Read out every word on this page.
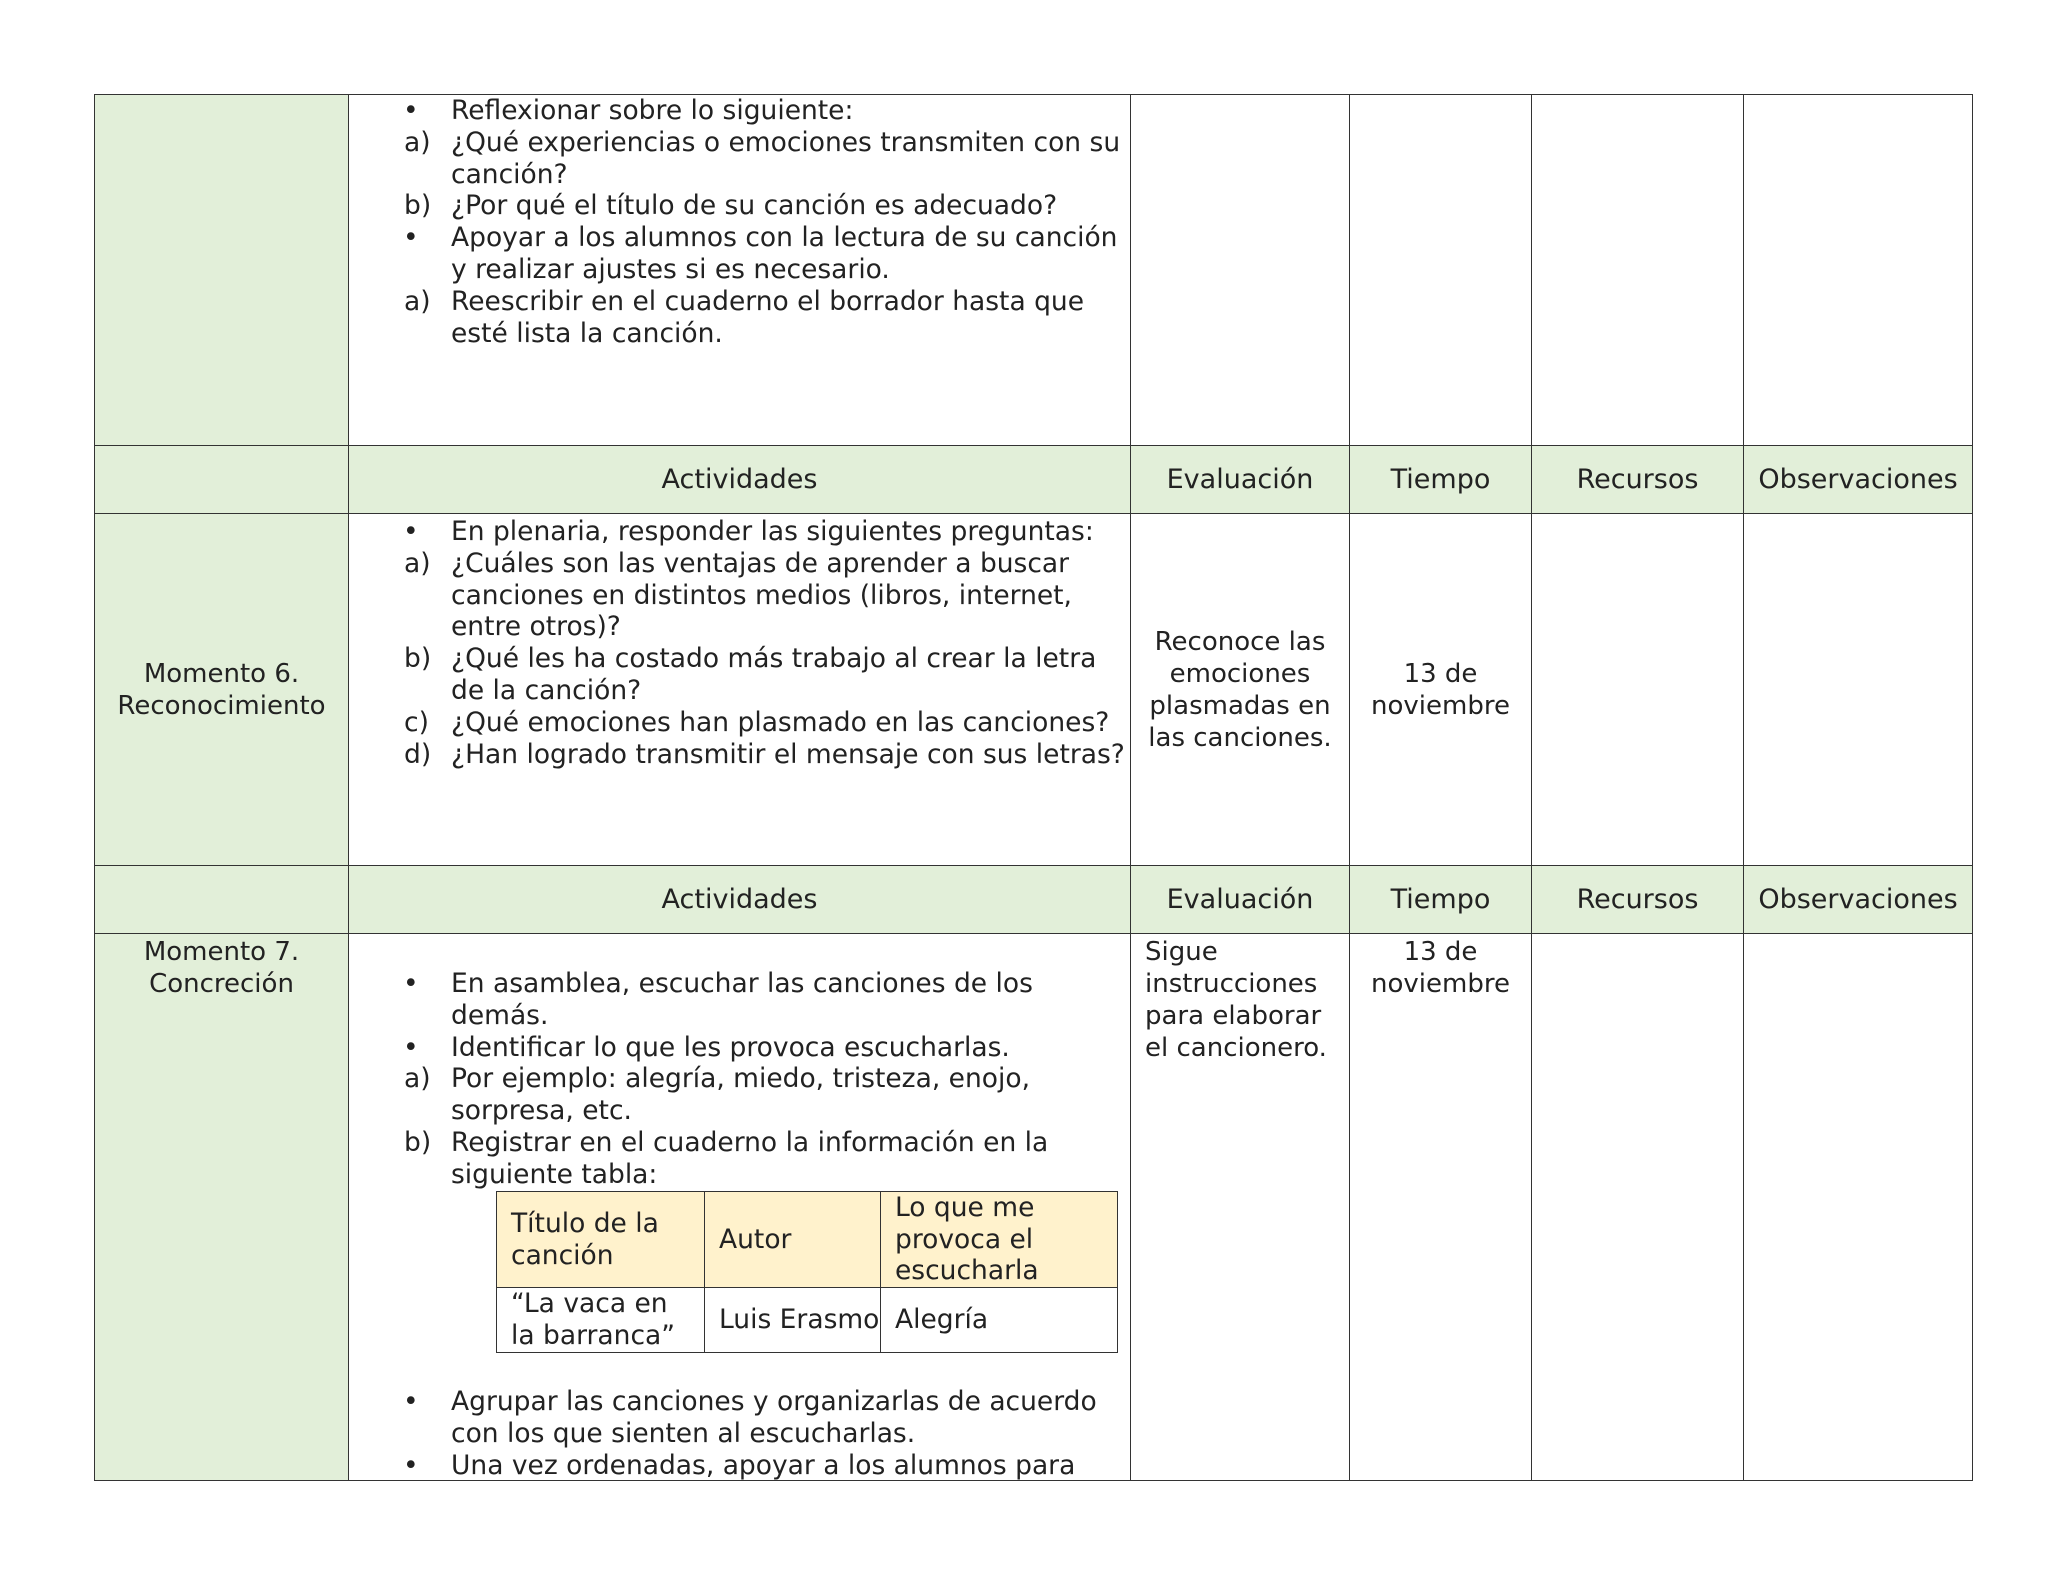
• Reflexionar sobre lo siguiente:
a) ¿Qué experiencias o emociones transmiten con su canción?
b) ¿Por qué el título de su canción es adecuado?
• Apoyar a los alumnos con la lectura de su canción y realizar ajustes si es necesario.
a) Reescribir en el cuaderno el borrador hasta que esté lista la canción.
Actividades	Evaluación	Tiempo	Recursos	Observaciones
Momento 6.
Reconocimiento
• En plenaria, responder las siguientes preguntas:
a) ¿Cuáles son las ventajas de aprender a buscar canciones en distintos medios (libros, internet, entre otros)?
b) ¿Qué les ha costado más trabajo al crear la letra de la canción?
c) ¿Qué emociones han plasmado en las canciones?
d) ¿Han logrado transmitir el mensaje con sus letras?
Reconoce las emociones plasmadas en las canciones.
13 de noviembre
Actividades	Evaluación	Tiempo	Recursos	Observaciones
Momento 7.
Concreción
•	En asamblea, escuchar las canciones de los demás.
• Identificar lo que les provoca escucharlas.
a) Por ejemplo: alegría, miedo, tristeza, enojo, sorpresa, etc.
b) Registrar en el cuaderno la información en la siguiente tabla:
Título de la canción
Autor
Lo que me provoca el escucharla
“La vaca en la barranca”
Luis Erasmo Alegría
• Agrupar las canciones y organizarlas de acuerdo con los que sienten al escucharlas.
• Una vez ordenadas, apoyar a los alumnos para
Sigue instrucciones para elaborar el cancionero.
13 de noviembre
